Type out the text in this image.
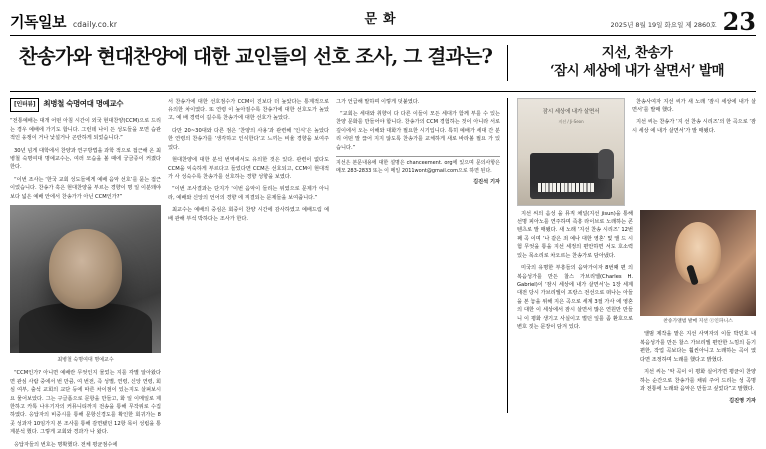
기독일보 cdaily.co.kr	문화	2025년 8월 19일 화요일 제 2860호 23
찬송가와 현대찬양에 대한 교인들의 선호 조사, 그 결과는?	지선, 찬송가
‘잠시 세상에 내가 살면서’ 발매
[인터뷰] 최병철 숙명여대 명예교수

“전통예배는 대개 어떤 아침 시간이 외국 현대찬양(CCM)으로 드리는 경우 예배에 가기도 합니다. 그런데 나이 든 성도들을 모면 습관적인 옹쟁이 거나 낯설거나 곤란하게 되었습니다.”

30년 넘게 대학에서 찬양과 연구방법을 과학 적으로 접근해 온 최병철 숙명여대 명예교수는, 여러 모습을 볼 때에 궁금증이 커졌다 한다.

“이번 조사는 ‘한국 교회 성도들에게 예배 음악 선호’를 묻는 접근이었습니다. 찬송가 혹은 현대찬양을 부르는 경향이 명 일 이분돼야 보다 넓은 예배 안에서 찬송가가 아닌 CCM인가?”

최병철 숙명여대 명예교수

“CCM인가? 아니면 예배란 무엇인지 물었는 지를 각별 알아왔다면 관심 사람 중에서 번 만큼, 여 번전, 즉 성별, 연령, 신앙 연령, 회심 여부, 출석 교회의 교단 등에 따른 차이점이 있는지도 살펴보시요 물어보았다. 그는 구글폼으로 문항을 만들고, 화 일 이메일로 제한하고 카톡 나우기자의 커뮤니티까지 전송을 통해 무작위로 수집하였다. 응답자의 비중시를 통해 문항신경도를 확인한 회귀가는 8 곳 성과자 10임가지 본 조사를 통해 감면됐던 12항 목이 성립을 통계분석 했다. 그렇게 교회와 경과가 나 왔다.

응답자들의 번호는 명확했다. 전체 평균점수에

서 찬송가에 대한 선호점수가 CCM이 진보다 더 높았다는 통계적으로 유의한 차이였다. 또 연령 이 높아질수록 찬송가에 대한 선호도가 높았고, 예 배 경력이 길수록 찬송가에 대한 선호가 높았다.

다만 20~30대와 다른 점은 ‘찬양의 사용’과 관련해 ‘인식’은 높았다 한 연령의 찬송가를 ‘생각하고 인식한다’고 느끼는 비율 경향을 보여주었다.

현대찬양에 대한 분석 번역에서도 유의한 것은 있다. 관련이 없다도 CCM을 익숙하게 부르다고 들었다면 CCM은 선호되고, CCM이 현대적 가 사 성숙수록 찬송가를 선호하는 경향 성향을 보였다.

“이번 조사결과는 단지가 ‘이번 음악이 들리는 위였으로 문제가 아니라, 예배와 신앙의 언어의 경향 에 직결되는 문제들을 보여줍니다.”

최교수는 예배의 중심은 회중이 찬양 시간에 감사하였고 예배드림 예배 관해 부석 박하다는 조사가 한다.

그가 언급해 말하며 이렇게 덧붙였다.

“교회는 세대와 취향이 다 다른 이들이 모든 세대가 함께 부를 수 있는 찬양 문화를 만들어야 합니다. 찬송가의 CCM 경험하는 것이 아니라 서로 깊이에서 오는 이해와 대화가 필요한 시기입니다. 특히 예배가 세대 간 분리 어떤 말 끊어 지지 않도록 찬송가를 교체하게 새로 바라볼 필요 가 있습니다.”

지선은 본문내용에 대한 설명은 chanceement. org에 있으며 문의사항은 메모 283-2833 또는 이 메일 2011wont@gmail.com으로 하면 된다.
김진석 기자
잠시 세상에 내가 살면서
지선 / Ji-Seon

찬송사여자 지선 씨가 새 노래 ‘잠시 세상에 내가 살면서’를 발매 했다.

지선 씨는 찬송가 ‘지 선 찬송 시리즈’의 한 곡으로 ‘잠시 세상 에 내가 살면서’가 발 매됐다.

지선 씨의 음성 을 뮤직 채널(지선 jisun)을 통해 선명 피아노를 연주하며 즉흥 라이브로 노래하는 콘텐츠로 발 매됐다. 새 노래 ‘지선 찬송 시리즈’ 12번째 곡 이며 ‘나 같은 죄 예나 대한 영혼’ 및 앨 드 시험 무엇을 통을 지선 세정의 편안하면 서도 호소력 있는 목소리로 차오르는 찬송가로 담아냈다.

미국의 유명한 부흥들의 음악가이자 8번째 편 의 복음성가를 만든 찰스 가브리엘(Charles H. Gabriel)이 ‘잠시 세상에 내가 살면서’는 1장 세계 대전 당시 가브리엘이 프랑스 전선으로 떠나는 아들을 본 놓을 위해 지은 곡으로 세계 3절 가사 에 영혼의 대한 이 세상에서 잠시 살면서 많은 연원만 만들니 이 평화 생기고 사실이고 벌던 잎를 좀 환호으로 변호 짓는 문장이 담겨 있다.

찬송가앨범 발매 지선 ⓒ인파니스

앨범 제작을 맡은 지선 사역자의 이들 박민호 내 복음성가를 만든 찰스 가브리엘 편안한 느낌의 듣기 편한, 작업 곡보다는 훨씬아니고 노래하는 곡이 였다면 조정하며 노래를 했다고 밝혔다.

지선 씨는 ‘악 곡이 이 평화 실어가면 평균이 찬양하는 순간으로 찬송가를 채워 주어 드리는 성 곡명과 전통에 노래와 음악은 만들고 싶었다”고 말했다.

김진영 기자
